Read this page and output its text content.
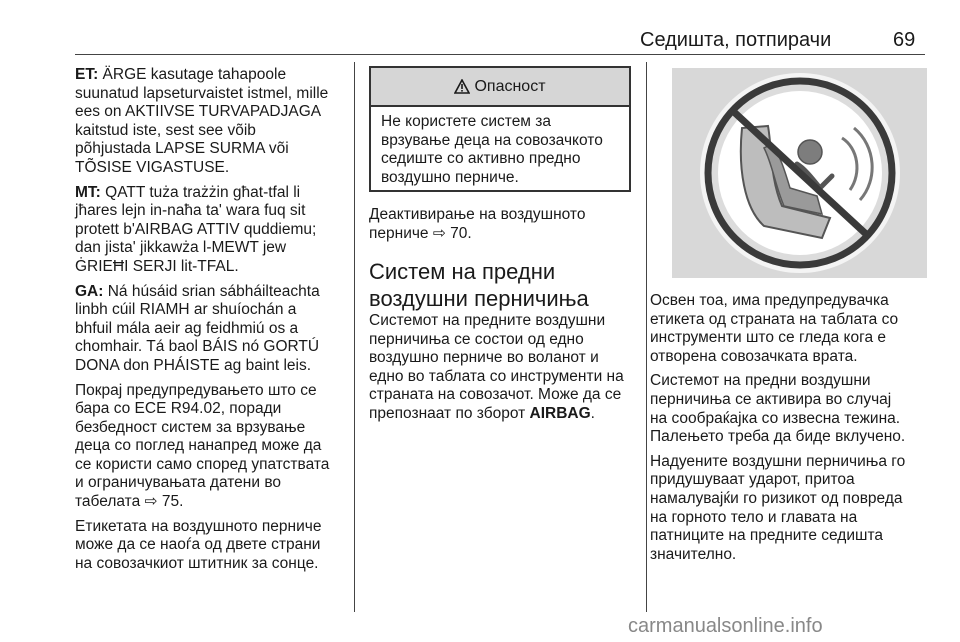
Седишта, потпирачи	69

ET: ÄRGE kasutage tahapoole
suunatud lapseturvaistet istmel, mille
ees on AKTIIVSE TURVAPADJAGA
kaitstud iste, sest see võib
põhjustada LAPSE SURMA või
TÕSISE VIGASTUSE.

MT: QATT tuża trażżin għat-tfal li
jħares lejn in-naħa ta' wara fuq sit
protett b'AIRBAG ATTIV quddiemu;
dan jista' jikkawża l-MEWT jew
ĠRIEĦI SERJI lit-TFAL.

GA: Ná húsáid srian sábháilteachta
linbh cúil RIAMH ar shuíochán a
bhfuil mála aeir ag feidhmiú os a
chomhair. Tá baol BÁIS nó GORTÚ
DONA don PHÁISTE ag baint leis.

Покрај предупредувањето што се
бара со ECE R94.02, поради
безбедност систем за врзување
деца со поглед нанапред може да
се користи само според упатствата
и ограничувањата датени во
табелата ⇨ 75.

Етикетата на воздушното перниче
може да се наоѓа од двете страни
на совозачкиот штитник за сонце.

Опасност
Не користете систем за
врзување деца на совозачкото
седиште со активно предно
воздушно перниче.
Деактивирање на воздушното
перниче ⇨ 70.
Систем на предни
воздушни перничиња
Системот на предните воздушни
перничиња се состои од едно
воздушно перниче во воланот и
едно во таблата со инструменти на
страната на совозачот. Може да се
препознаат по зборот AIRBAG.

Освен тоа, има предупредувачка
етикета од страната на таблата со
инструменти што се гледа кога е
отворена совозачката врата.

Системот на предни воздушни
перничиња се активира во случај
на сообраќајка со извесна тежина.
Палењето треба да биде вклучено.

Надуените воздушни перничиња го
придушуваат ударот, притоа
намалувајќи го ризикот од повреда
на горното тело и главата на
патниците на предните седишта
значително.

carmanualsonline.info
